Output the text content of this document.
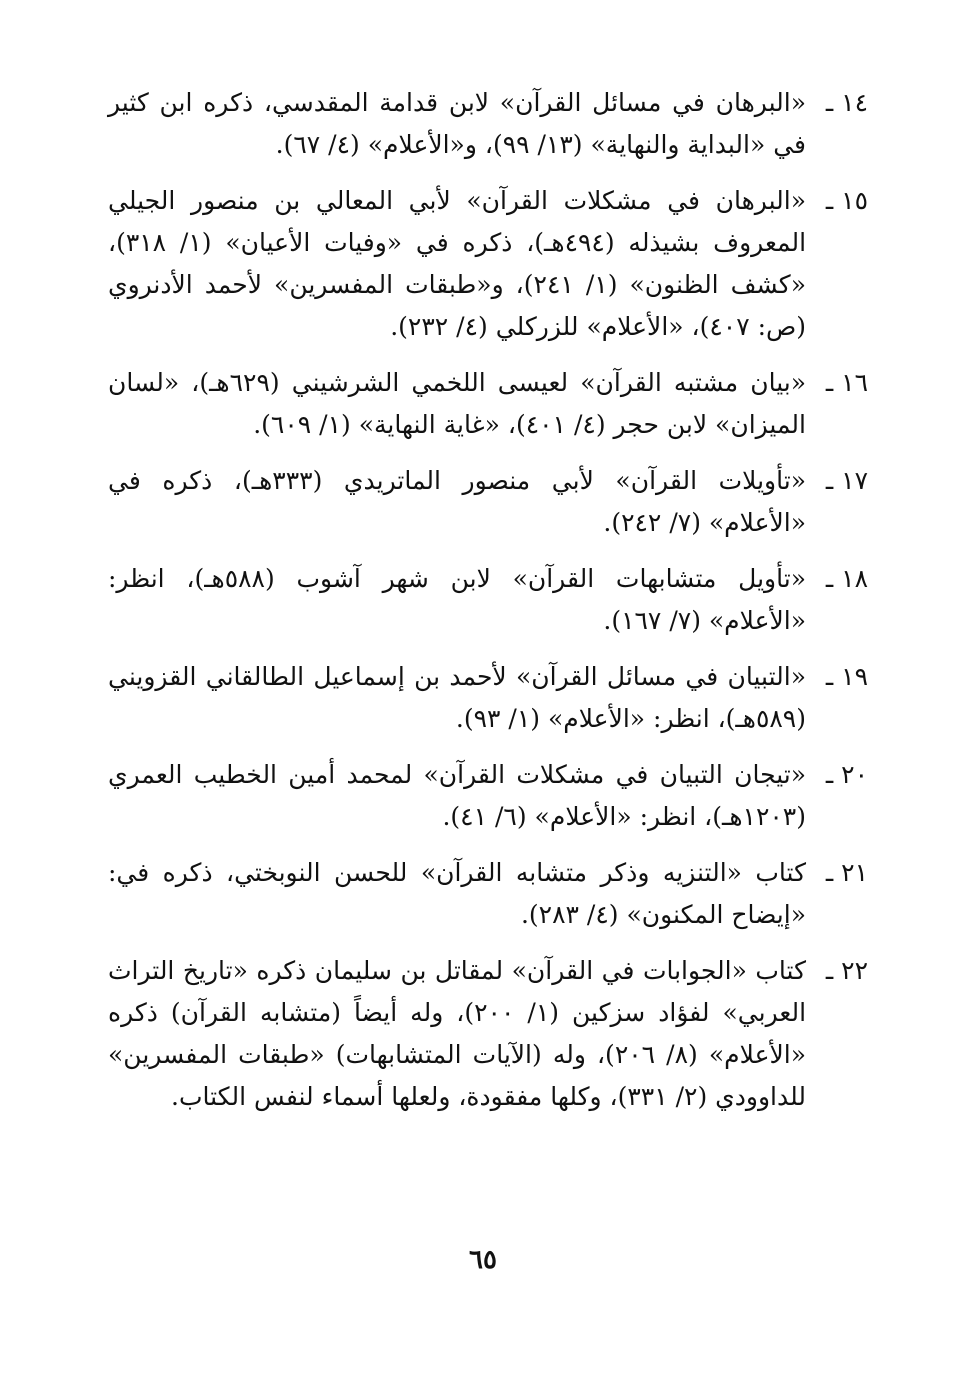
١٤ ـ
«البرهان في مسائل القرآن» لابن قدامة المقدسي، ذكره ابن كثير في «البداية والنهاية» (١٣/ ٩٩)، و«الأعلام» (٤/ ٦٧).
١٥ ـ
«البرهان في مشكلات القرآن» لأبي المعالي بن منصور الجيلي المعروف بشيذله (٤٩٤هـ)، ذكره في «وفيات الأعيان» (١/ ٣١٨)، «كشف الظنون» (١/ ٢٤١)، و«طبقات المفسرين» لأحمد الأدنروي (ص: ٤٠٧)، «الأعلام» للزركلي (٤/ ٢٣٢).
١٦ ـ
«بيان مشتبه القرآن» لعيسى اللخمي الشرشيني (٦٢٩هـ)، «لسان الميزان» لابن حجر (٤/ ٤٠١)، «غاية النهاية» (١/ ٦٠٩).
١٧ ـ
«تأويلات القرآن» لأبي منصور الماتريدي (٣٣٣هـ)، ذكره في «الأعلام» (٧/ ٢٤٢).
١٨ ـ
«تأويل متشابهات القرآن» لابن شهر آشوب (٥٨٨هـ)، انظر: «الأعلام» (٧/ ١٦٧).
١٩ ـ
«التبيان في مسائل القرآن» لأحمد بن إسماعيل الطالقاني القزويني (٥٨٩هـ)، انظر: «الأعلام» (١/ ٩٣).
٢٠ ـ
«تيجان التبيان في مشكلات القرآن» لمحمد أمين الخطيب العمري (١٢٠٣هـ)، انظر: «الأعلام» (٦/ ٤١).
٢١ ـ
كتاب «التنزيه وذكر متشابه القرآن» للحسن النوبختي، ذكره في: «إيضاح المكنون» (٤/ ٢٨٣).
٢٢ ـ
كتاب «الجوابات في القرآن» لمقاتل بن سليمان ذكره «تاريخ التراث العربي» لفؤاد سزكين (١/ ٢٠٠)، وله أيضاً (متشابه القرآن) ذكره «الأعلام» (٨/ ٢٠٦)، وله (الآيات المتشابهات) «طبقات المفسرين» للداوودي (٢/ ٣٣١)، وكلها مفقودة، ولعلها أسماء لنفس الكتاب.
٦٥
